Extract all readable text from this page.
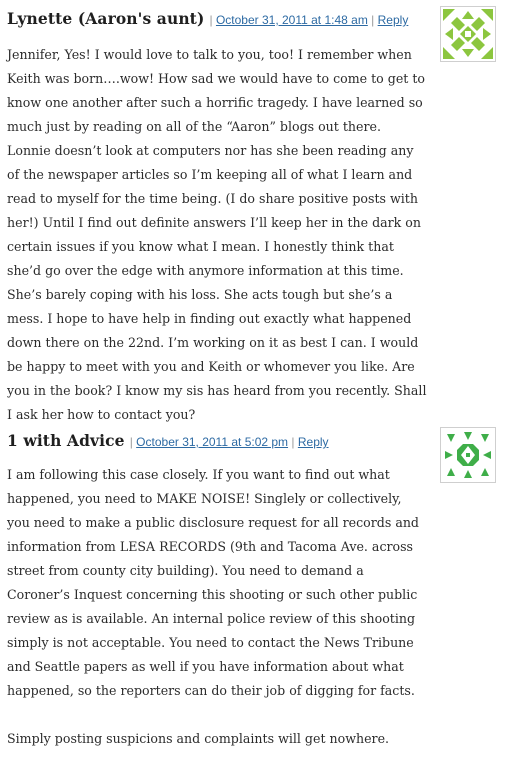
Lynette (Aaron's aunt) | October 31, 2011 at 1:48 am | Reply

Jennifer, Yes! I would love to talk to you, too! I remember when Keith was born….wow! How sad we would have to come to get to know one another after such a horrific tragedy. I have learned so much just by reading on all of the “Aaron” blogs out there. Lonnie doesn’t look at computers nor has she been reading any of the newspaper articles so I’m keeping all of what I learn and read to myself for the time being. (I do share positive posts with her!) Until I find out definite answers I’ll keep her in the dark on certain issues if you know what I mean. I honestly think that she’d go over the edge with anymore information at this time. She’s barely coping with his loss. She acts tough but she’s a mess. I hope to have help in finding out exactly what happened down there on the 22nd. I’m working on it as best I can. I would be happy to meet with you and Keith or whomever you like. Are you in the book? I know my sis has heard from you recently. Shall I ask her how to contact you?

1 with Advice | October 31, 2011 at 5:02 pm | Reply

I am following this case closely. If you want to find out what happened, you need to MAKE NOISE! Singlely or collectively, you need to make a public disclosure request for all records and information from LESA RECORDS (9th and Tacoma Ave. across street from county city building). You need to demand a Coroner’s Inquest concerning this shooting or such other public review as is available. An internal police review of this shooting simply is not acceptable. You need to contact the News Tribune and Seattle papers as well if you have information about what happened, so the reporters can do their job of digging for facts.

Simply posting suspicions and complaints will get nowhere.
